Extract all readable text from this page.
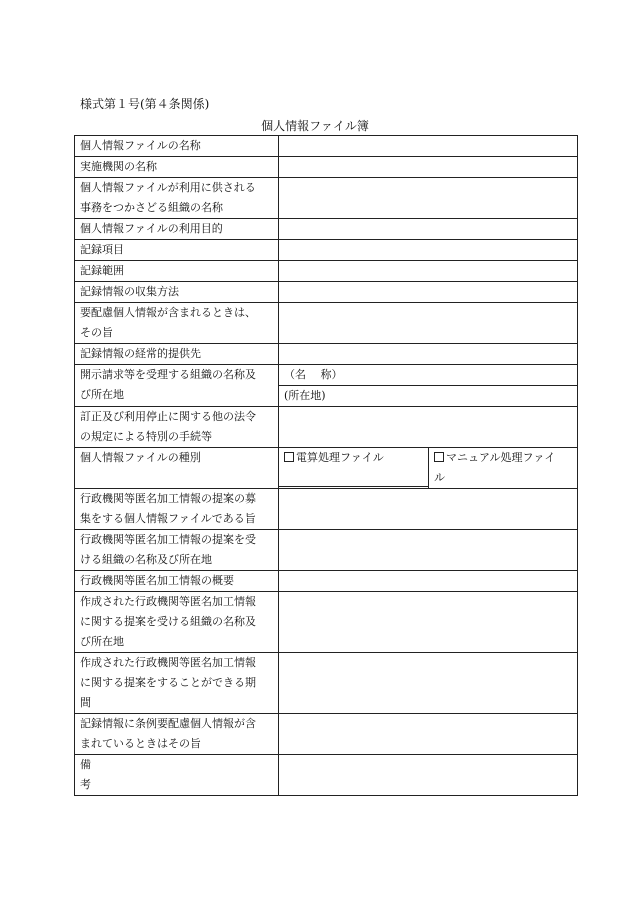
様式第１号(第４条関係)
個人情報ファイル簿
個人情報ファイルの名称		

実施機関の名称		

個人情報ファイルが利用に供される
事務をつかさどる組織の名称		

個人情報ファイルの利用目的		

記録項目		

記録範囲		

記録情報の収集方法		

要配慮個人情報が含まれるときは、
その旨		

記録情報の経常的提供先		

開示請求等を受理する組織の名称及
び所在地	（名　 称）	
	(所在地)	

訂正及び利用停止に関する他の法令
の規定による特別の手続等		

個人情報ファイルの種別	電算処理ファイル	マニュアル処理ファイ
ル

行政機関等匿名加工情報の提案の募
集をする個人情報ファイルである旨		

行政機関等匿名加工情報の提案を受
ける組織の名称及び所在地		

行政機関等匿名加工情報の概要		

作成された行政機関等匿名加工情報
に関する提案を受ける組織の名称及
び所在地		

作成された行政機関等匿名加工情報
に関する提案をすることができる期
間		

記録情報に条例要配慮個人情報が含
まれているときはその旨		

備
考		
